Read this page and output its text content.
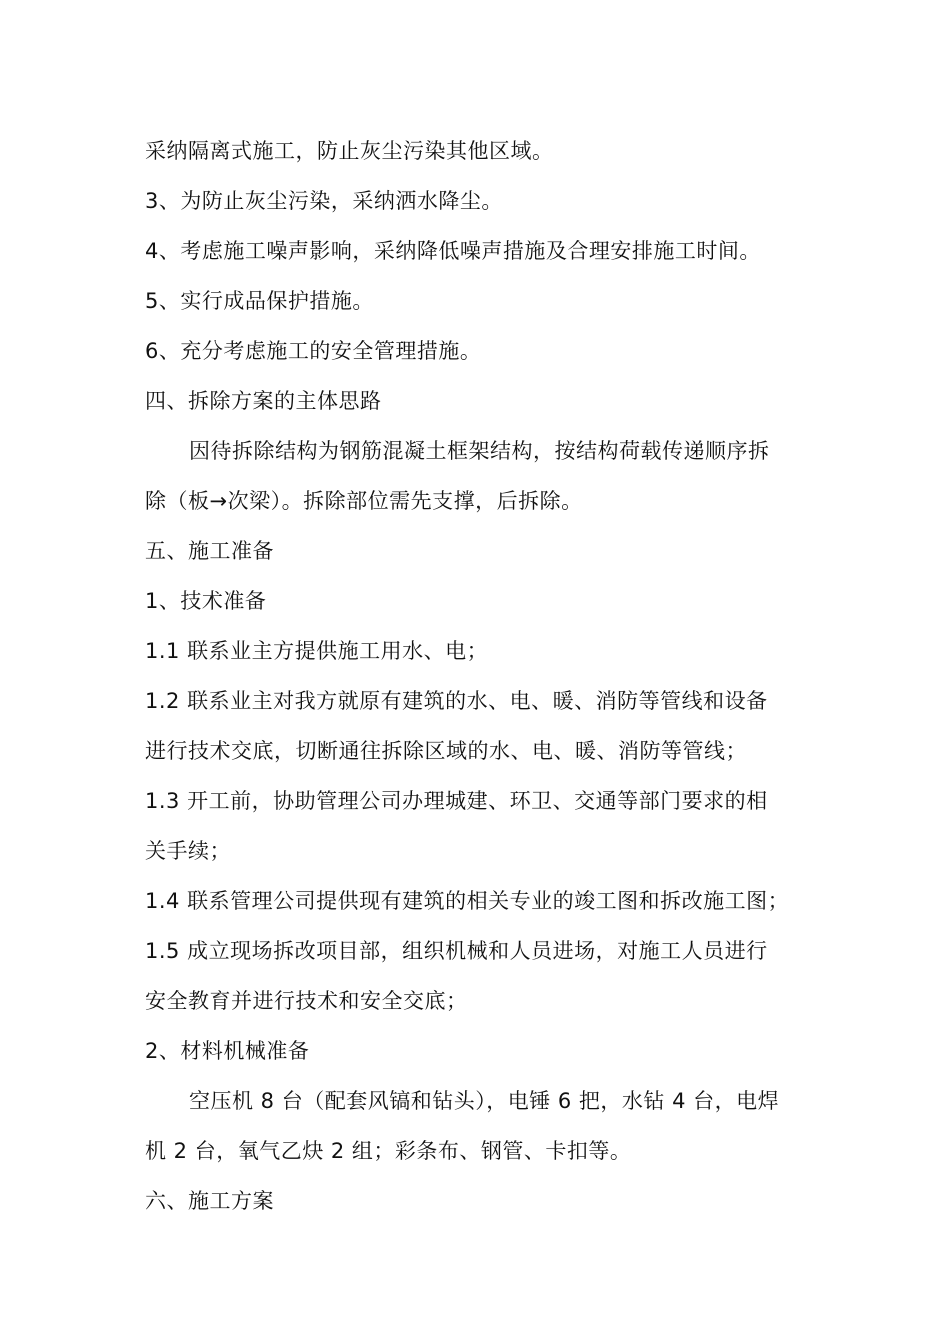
采纳隔离式施工，防止灰尘污染其他区域。
3、为防止灰尘污染，采纳洒水降尘。
4、考虑施工噪声影响，采纳降低噪声措施及合理安排施工时间。
5、实行成品保护措施。
6、充分考虑施工的安全管理措施。
四、拆除方案的主体思路
因待拆除结构为钢筋混凝土框架结构，按结构荷载传递顺序拆
除（板→次梁）。拆除部位需先支撑，后拆除。
五、施工准备
1、技术准备
1.1 联系业主方提供施工用水、电；
1.2 联系业主对我方就原有建筑的水、电、暖、消防等管线和设备
进行技术交底，切断通往拆除区域的水、电、暖、消防等管线；
1.3 开工前，协助管理公司办理城建、环卫、交通等部门要求的相
关手续；
1.4 联系管理公司提供现有建筑的相关专业的竣工图和拆改施工图；
1.5 成立现场拆改项目部，组织机械和人员进场，对施工人员进行
安全教育并进行技术和安全交底；
2、材料机械准备
空压机 8 台（配套风镐和钻头），电锤 6 把，水钻 4 台，电焊
机 2 台，氧气乙炔 2 组；彩条布、钢管、卡扣等。
六、施工方案
